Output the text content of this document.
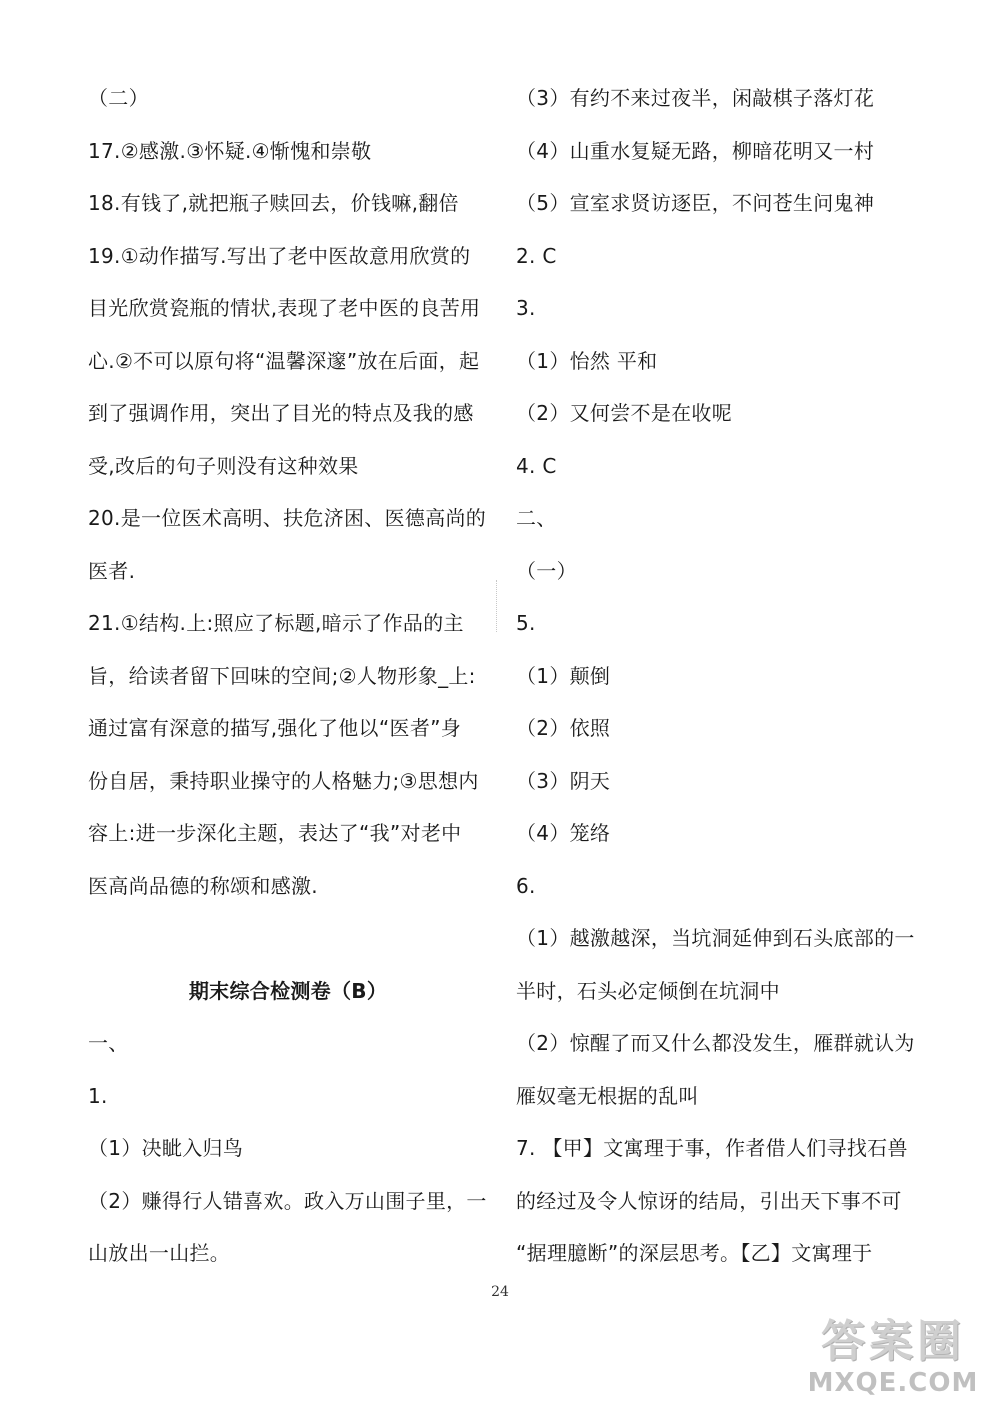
（二）
17.②感激.③怀疑.④惭愧和崇敬
18.有钱了,就把瓶子赎回去，价钱嘛,翻倍
19.①动作描写.写出了老中医故意用欣赏的
目光欣赏瓷瓶的情状,表现了老中医的良苦用
心.②不可以原句将“温馨深邃”放在后面，起
到了强调作用，突出了目光的特点及我的感
受,改后的句子则没有这种效果
20.是一位医术高明、扶危济困、医德高尚的
医者.
21.①结构.上:照应了标题,暗示了作品的主
旨，给读者留下回味的空间;②人物形象_上:
通过富有深意的描写,强化了他以“医者”身
份自居，秉持职业操守的人格魅力;③思想内
容上:进一步深化主题，表达了“我”对老中
医高尚品德的称颂和感激.
期末综合检测卷（B）
一、
1.
（1）决眦入归鸟
（2）赚得行人错喜欢。政入万山围子里，一
山放出一山拦。
（3）有约不来过夜半，闲敲棋子落灯花
（4）山重水复疑无路，柳暗花明又一村
（5）宣室求贤访逐臣，不问苍生问鬼神
2. C
3.
（1）怡然 平和
（2）又何尝不是在收呢
4. C
二、
（一）
5.
（1）颠倒
（2）依照
（3）阴天
（4）笼络
6.
（1）越激越深，当坑洞延伸到石头底部的一
半时，石头必定倾倒在坑洞中
（2）惊醒了而又什么都没发生，雁群就认为
雁奴毫无根据的乱叫
7. 【甲】文寓理于事，作者借人们寻找石兽
的经过及令人惊讶的结局，引出天下事不可
“据理臆断”的深层思考。【乙】文寓理于
24
答案圈
MXQE.COM
